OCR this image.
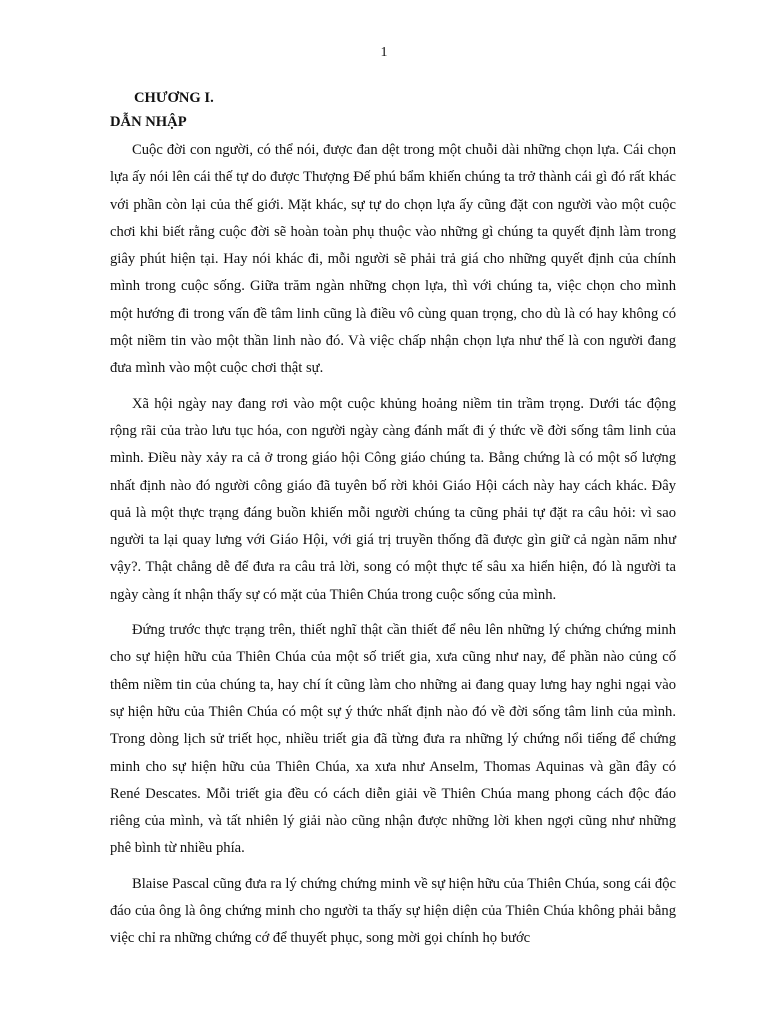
1
CHƯƠNG I.
DẪN NHẬP

Cuộc đời con người, có thể nói, được đan dệt trong một chuỗi dài những chọn lựa. Cái chọn lựa ấy nói lên cái thế tự do được Thượng Đế phú bẩm khiến chúng ta trở thành cái gì đó rất khác với phần còn lại của thế giới. Mặt khác, sự tự do chọn lựa ấy cũng đặt con người vào một cuộc chơi khi biết rằng cuộc đời sẽ hoàn toàn phụ thuộc vào những gì chúng ta quyết định làm trong giây phút hiện tại. Hay nói khác đi, mỗi người sẽ phải trả giá cho những quyết định của chính mình trong cuộc sống. Giữa trăm ngàn những chọn lựa, thì với chúng ta, việc chọn cho mình một hướng đi trong vấn đề tâm linh cũng là điều vô cùng quan trọng, cho dù là có hay không có một niềm tin vào một thần linh nào đó. Và việc chấp nhận chọn lựa như thế là con người đang đưa mình vào một cuộc chơi thật sự.

Xã hội ngày nay đang rơi vào một cuộc khủng hoảng niềm tin trầm trọng. Dưới tác động rộng rãi của trào lưu tục hóa, con người ngày càng đánh mất đi ý thức về đời sống tâm linh của mình. Điều này xảy ra cả ở trong giáo hội Công giáo chúng ta. Bằng chứng là có một số lượng nhất định nào đó người công giáo đã tuyên bố rời khỏi Giáo Hội cách này hay cách khác. Đây quả là một thực trạng đáng buồn khiến mỗi người chúng ta cũng phải tự đặt ra câu hỏi: vì sao người ta lại quay lưng với Giáo Hội, với giá trị truyền thống đã được gìn giữ cả ngàn năm như vậy?. Thật chẳng dễ để đưa ra câu trả lời, song có một thực tế sâu xa hiển hiện, đó là người ta ngày càng ít nhận thấy sự có mặt của Thiên Chúa trong cuộc sống của mình.

Đứng trước thực trạng trên, thiết nghĩ thật cần thiết để nêu lên những lý chứng chứng minh cho sự hiện hữu của Thiên Chúa của một số triết gia, xưa cũng như nay, để phần nào củng cố thêm niềm tin của chúng ta, hay chí ít cũng làm cho những ai đang quay lưng hay nghi ngại vào sự hiện hữu của Thiên Chúa có một sự ý thức nhất định nào đó về đời sống tâm linh của mình. Trong dòng lịch sử triết học, nhiều triết gia đã từng đưa ra những lý chứng nổi tiếng để chứng minh cho sự hiện hữu của Thiên Chúa, xa xưa như Anselm, Thomas Aquinas và gần đây có René Descates. Mỗi triết gia đều có cách diễn giải về Thiên Chúa mang phong cách độc đáo riêng của mình, và tất nhiên lý giải nào cũng nhận được những lời khen ngợi cũng như những phê bình từ nhiều phía.

Blaise Pascal cũng đưa ra lý chứng chứng minh về sự hiện hữu của Thiên Chúa, song cái độc đáo của ông là ông chứng minh cho người ta thấy sự hiện diện của Thiên Chúa không phải bằng việc chỉ ra những chứng cớ để thuyết phục, song mời gọi chính họ bước
